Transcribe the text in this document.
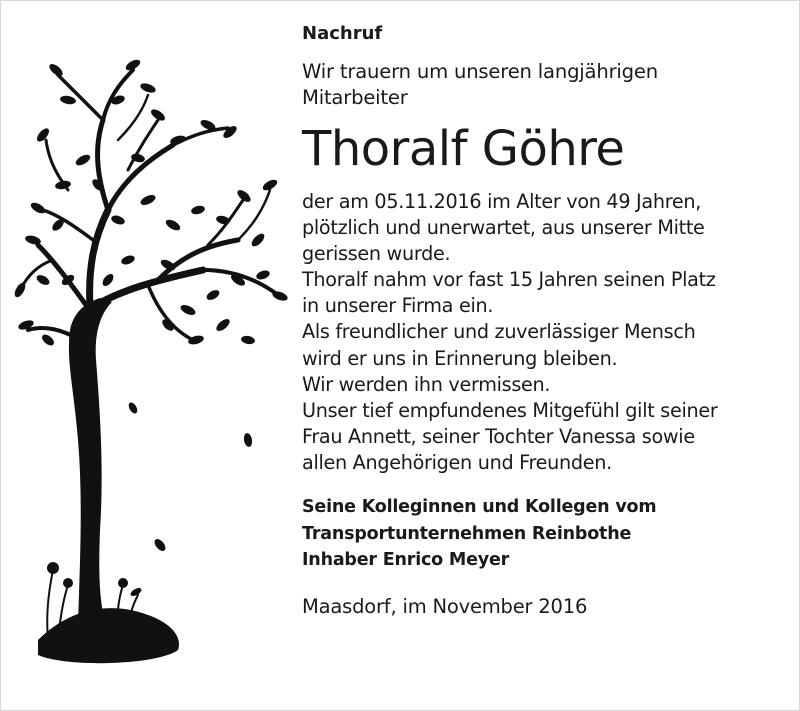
Nachruf
Wir trauern um unseren langjährigen
Mitarbeiter
Thoralf Göhre
der am 05.11.2016 im Alter von 49 Jahren,
plötzlich und unerwartet, aus unserer Mitte
gerissen wurde.
Thoralf nahm vor fast 15 Jahren seinen Platz
in unserer Firma ein.
Als freundlicher und zuverlässiger Mensch
wird er uns in Erinnerung bleiben.
Wir werden ihn vermissen.
Unser tief empfundenes Mitgefühl gilt seiner
Frau Annett, seiner Tochter Vanessa sowie
allen Angehörigen und Freunden.
Seine Kolleginnen und Kollegen vom
Transportunternehmen Reinbothe
Inhaber Enrico Meyer
Maasdorf, im November 2016
